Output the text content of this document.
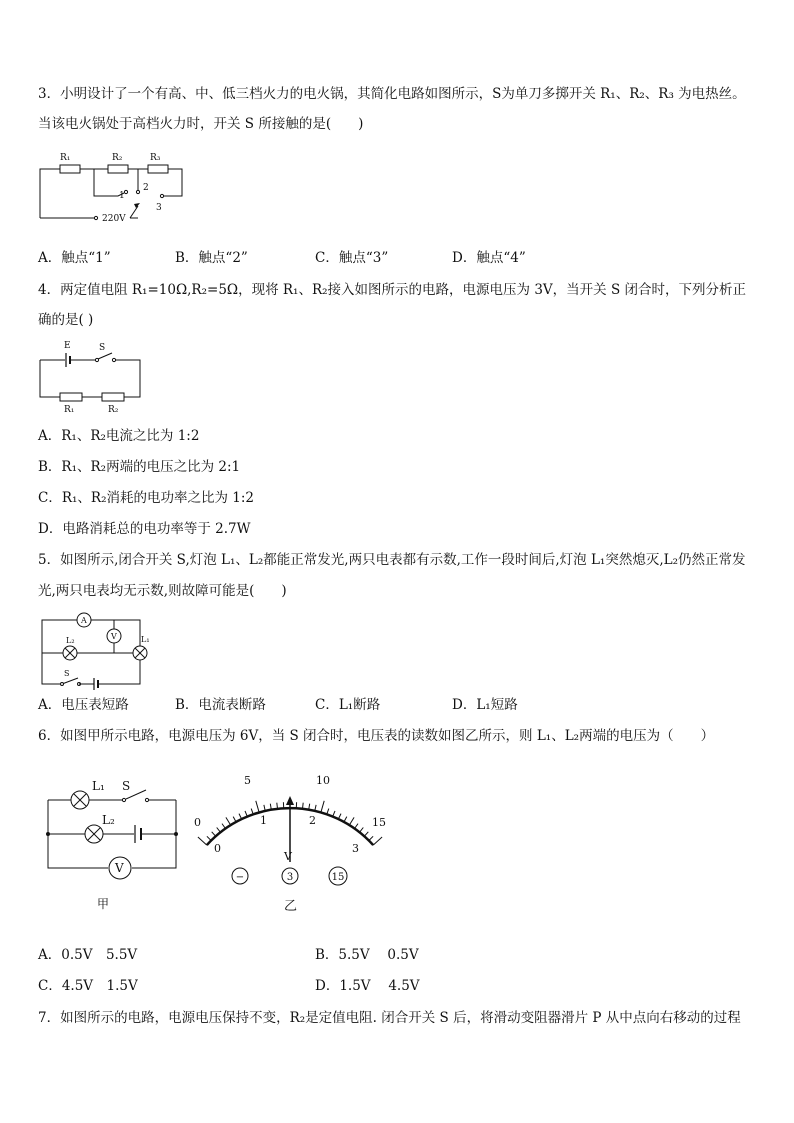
3．小明设计了一个有高、中、低三档火力的电火锅，其简化电路如图所示，S为单刀多掷开关 R₁、R₂、R₃ 为电热丝。
当该电火锅处于高档火力时，开关 S 所接触的是(　　)
R₁	R₂	R₃
1
2
3
220V
A．触点“1”	B．触点“2”	C．触点“3”	D．触点“4”
4．两定值电阻 R₁=10Ω,R₂=5Ω，现将 R₁、R₂接入如图所示的电路，电源电压为 3V，当开关 S 闭合时，下列分析正
确的是( )
E	S
R₁	R₂
A．R₁、R₂电流之比为 1:2
B．R₁、R₂两端的电压之比为 2:1
C．R₁、R₂消耗的电功率之比为 1:2
D．电路消耗总的电功率等于 2.7W
5．如图所示,闭合开关 S,灯泡 L₁、L₂都能正常发光,两只电表都有示数,工作一段时间后,灯泡 L₁突然熄灭,L₂仍然正常发
光,两只电表均无示数,则故障可能是(　　)
A
V
L₂	L₁
S
A．电压表短路	B．电流表断路	C．L₁断路	D．L₁短路
6．如图甲所示电路，电源电压为 6V，当 S 闭合时，电压表的读数如图乙所示，则 L₁、L₂两端的电压为（　　）
L₁ S
L₂
V
甲
0
5	10
15
0
1	2
3
V
−	3	15
乙
A．0.5V　5.5V	B．5.5V　 0.5V
C．4.5V　1.5V	D．1.5V　 4.5V
7．如图所示的电路，电源电压保持不变，R₂是定值电阻. 闭合开关 S 后，将滑动变阻器滑片 P 从中点向右移动的过程
